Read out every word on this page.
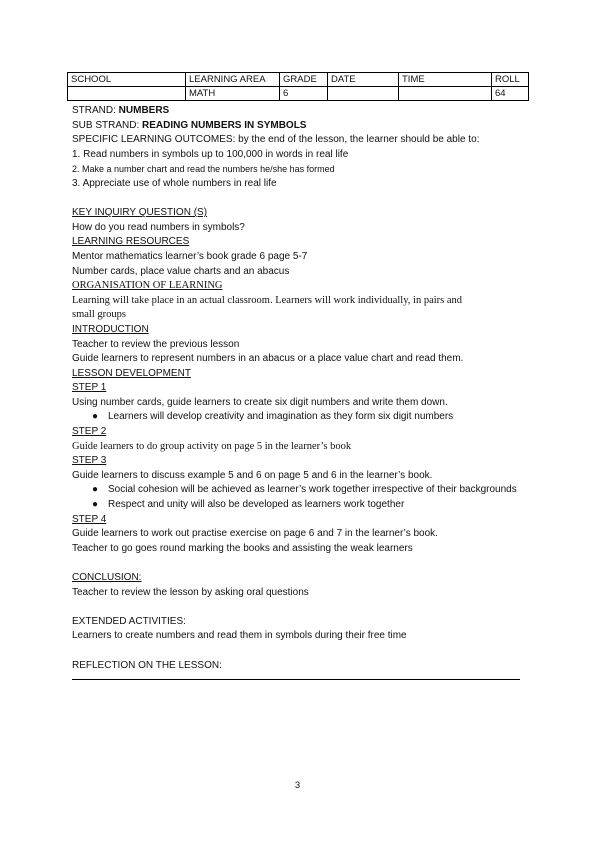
SCHOOL	LEARNING AREA	GRADE	DATE	TIME	ROLL
	MATH	6			64
STRAND: NUMBERS
SUB STRAND: READING NUMBERS IN SYMBOLS
SPECIFIC LEARNING OUTCOMES: by the end of the lesson, the learner should be able to:
1. Read numbers in symbols up to 100,000 in words in real life
2. Make a number chart and read the numbers he/she has formed
3. Appreciate use of whole numbers in real life
KEY INQUIRY QUESTION (S)
How do you read numbers in symbols?
LEARNING RESOURCES
Mentor mathematics learner’s book grade 6 page 5-7
Number cards, place value charts and an abacus
ORGANISATION OF LEARNING
Learning will take place in an actual classroom. Learners will work individually, in pairs and
small groups
INTRODUCTION
Teacher to review the previous lesson
Guide learners to represent numbers in an abacus or a place value chart and read them.
LESSON DEVELOPMENT
STEP 1
Using number cards, guide learners to create six digit numbers and write them down.
● Learners will develop creativity and imagination as they form six digit numbers
STEP 2
Guide learners to do group activity on page 5 in the learner’s book
STEP 3
Guide learners to discuss example 5 and 6 on page 5 and 6 in the learner’s book.
● Social cohesion will be achieved as learner’s work together irrespective of their backgrounds
● Respect and unity will also be developed as learners work together
STEP 4
Guide learners to work out practise exercise on page 6 and 7 in the learner’s book.
Teacher to go goes round marking the books and assisting the weak learners
CONCLUSION:
Teacher to review the lesson by asking oral questions
EXTENDED ACTIVITIES:
Learners to create numbers and read them in symbols during their free time
REFLECTION ON THE LESSON:
3
